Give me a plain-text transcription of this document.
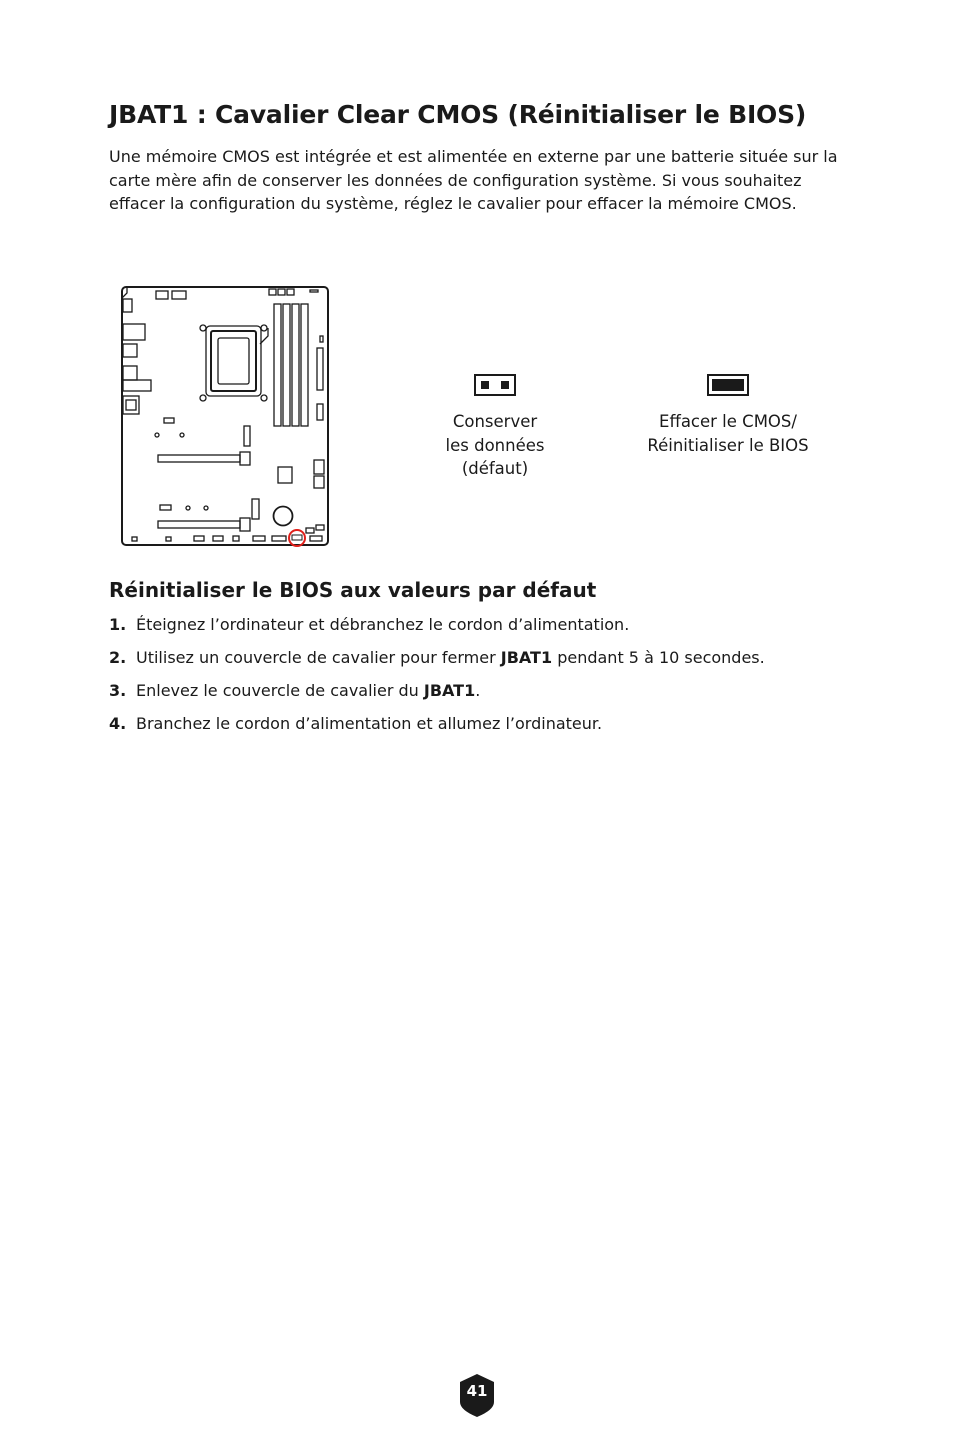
JBAT1 : Cavalier Clear CMOS (Réinitialiser le BIOS)

Une mémoire CMOS est intégrée et est alimentée en externe par une batterie située sur la carte mère afin de conserver les données de configuration système. Si vous souhaitez effacer la configuration du système, réglez le cavalier pour effacer la mémoire CMOS.

Conserver
les données
(défaut)
Effacer le CMOS/
Réinitialiser le BIOS
Réinitialiser le BIOS aux valeurs par défaut
1. Éteignez l’ordinateur et débranchez le cordon d’alimentation.
2. Utilisez un couvercle de cavalier pour fermer JBAT1 pendant 5 à 10 secondes.
3. Enlevez le couvercle de cavalier du JBAT1.
4. Branchez le cordon d’alimentation et allumez l’ordinateur.
41
